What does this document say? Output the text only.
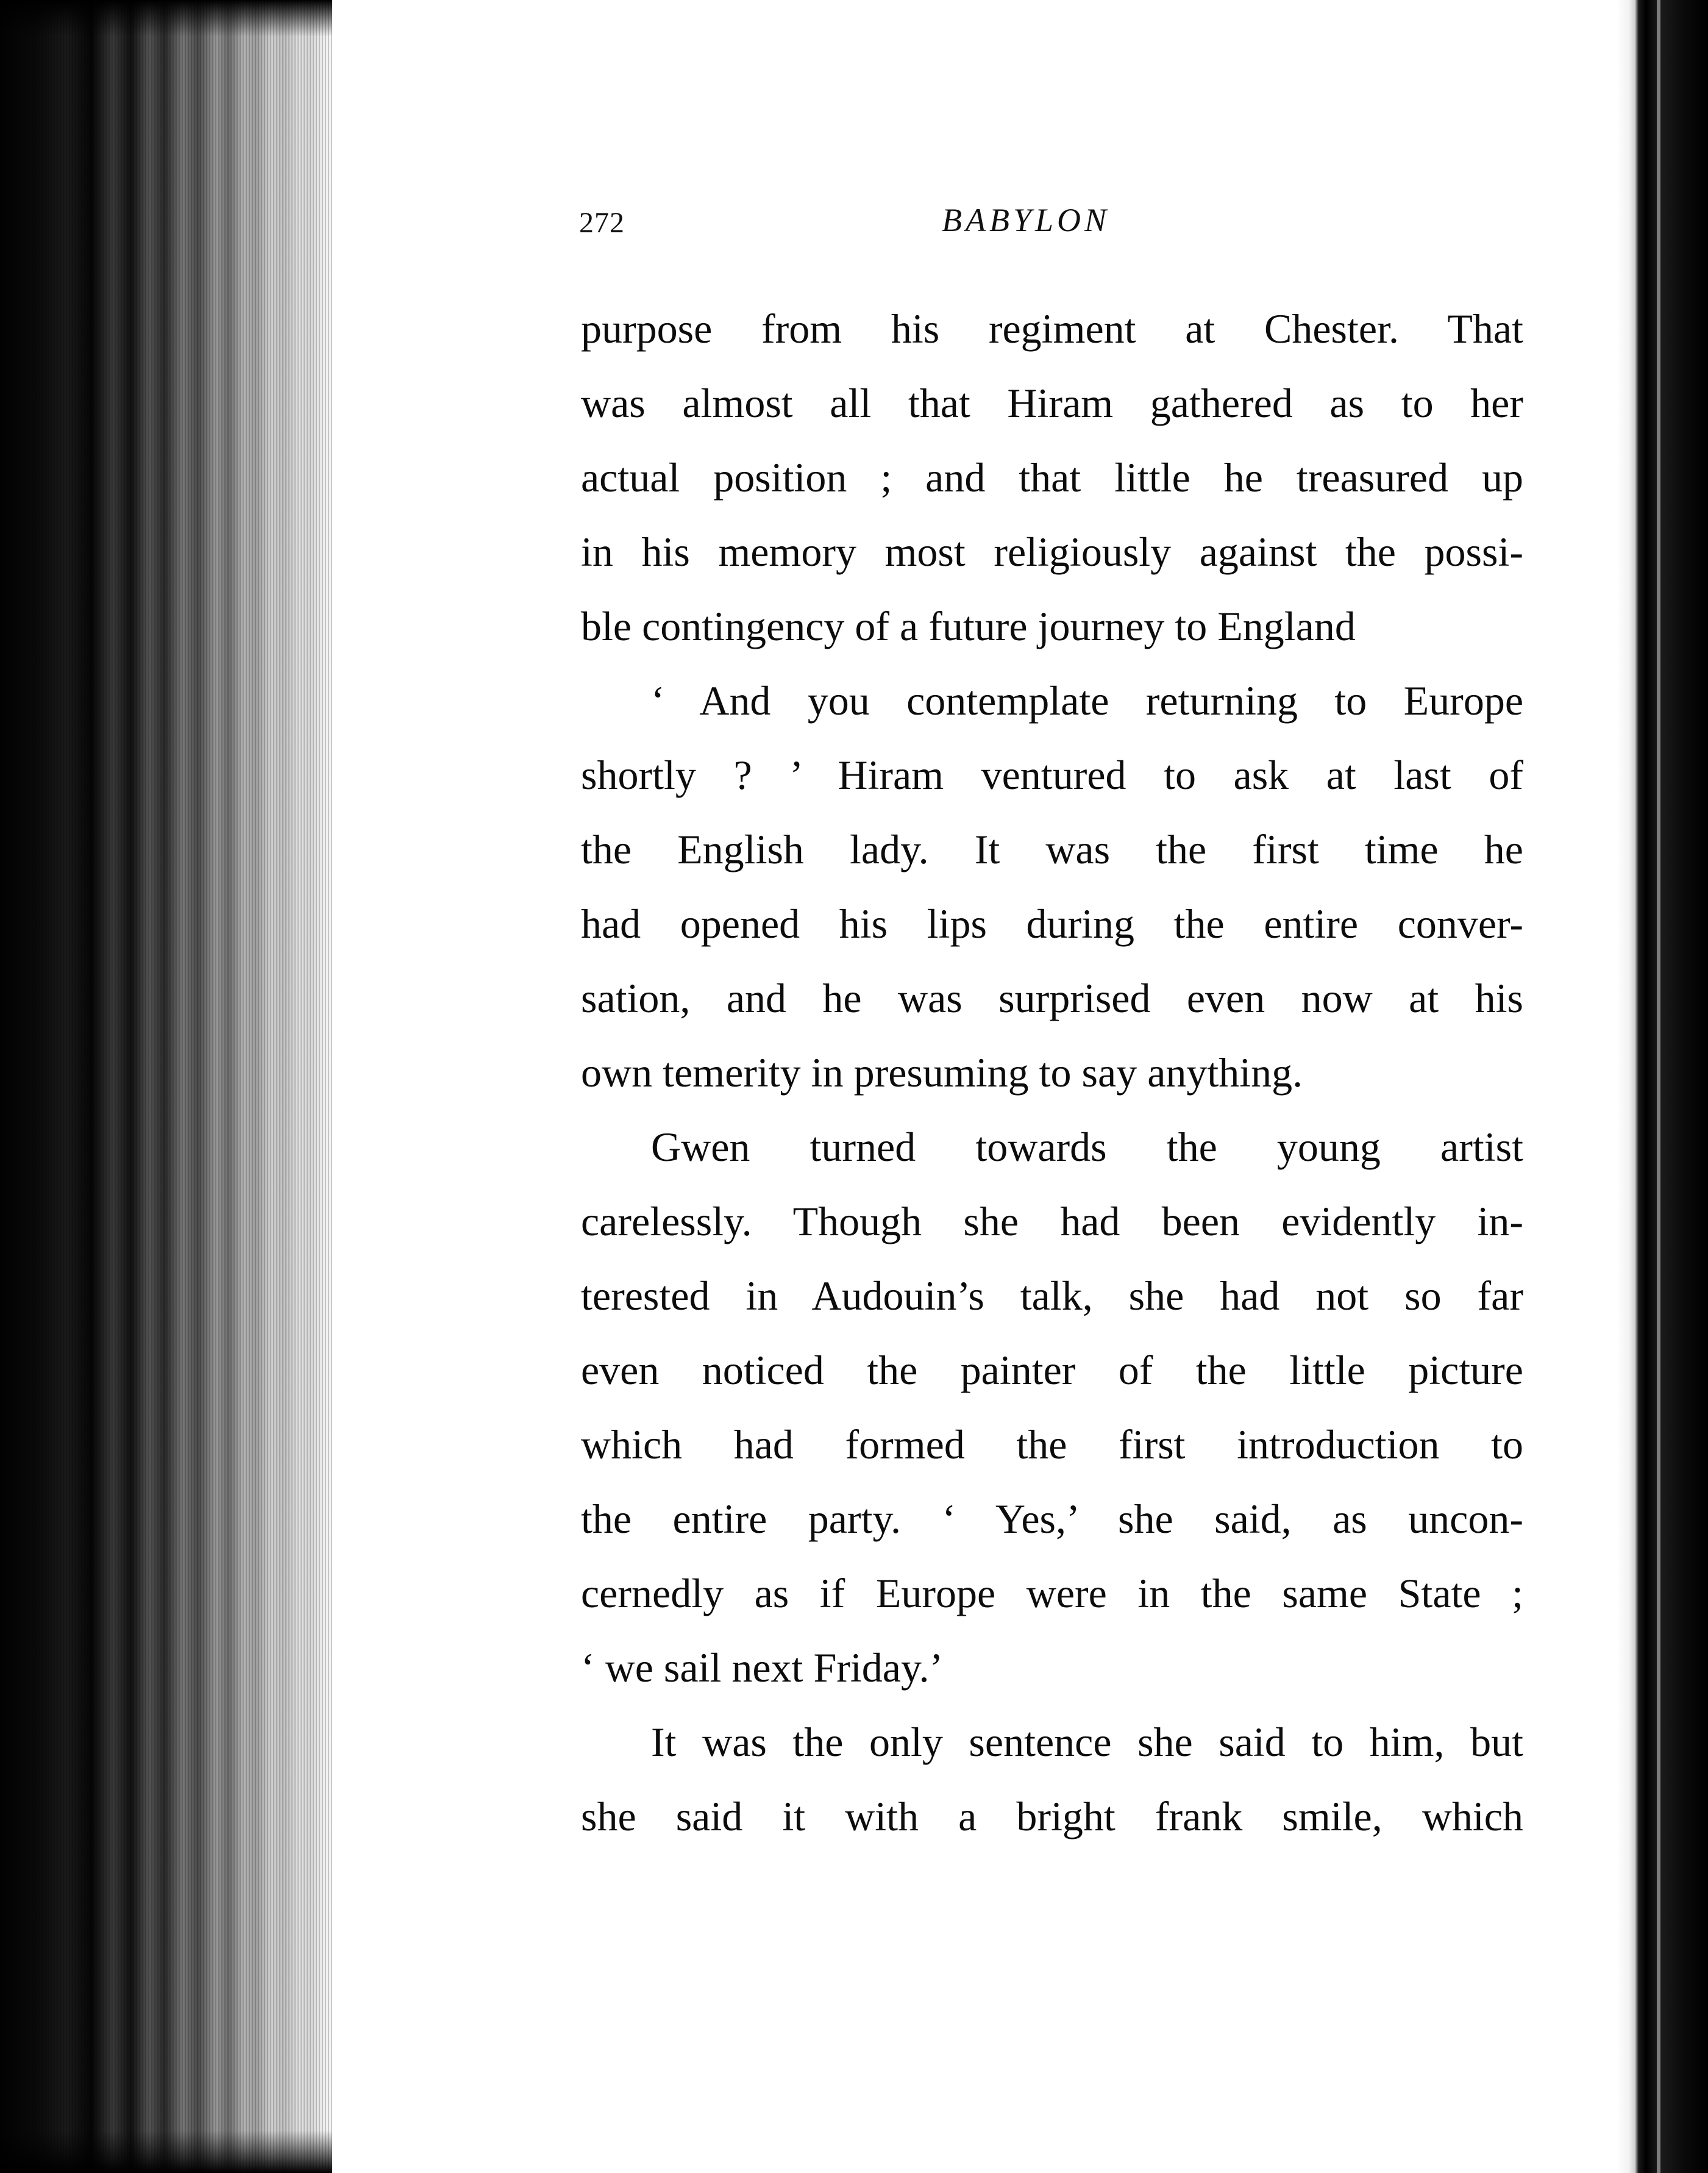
272	BABYLON
purpose from his regiment at Chester. That
was almost all that Hiram gathered as to her
actual position ; and that little he treasured up
in his memory most religiously against the possi-
ble contingency of a future journey to England
‘ And you contemplate returning to Europe
shortly ? ’ Hiram ventured to ask at last of
the English lady. It was the first time he
had opened his lips during the entire conver-
sation, and he was surprised even now at his
own temerity in presuming to say anything.
Gwen turned towards the young artist
carelessly. Though she had been evidently in-
terested in Audouin’s talk, she had not so far
even noticed the painter of the little picture
which had formed the first introduction to
the entire party. ‘ Yes,’ she said, as uncon-
cernedly as if Europe were in the same State ;
‘ we sail next Friday.’
It was the only sentence she said to him, but
she said it with a bright frank smile, which
